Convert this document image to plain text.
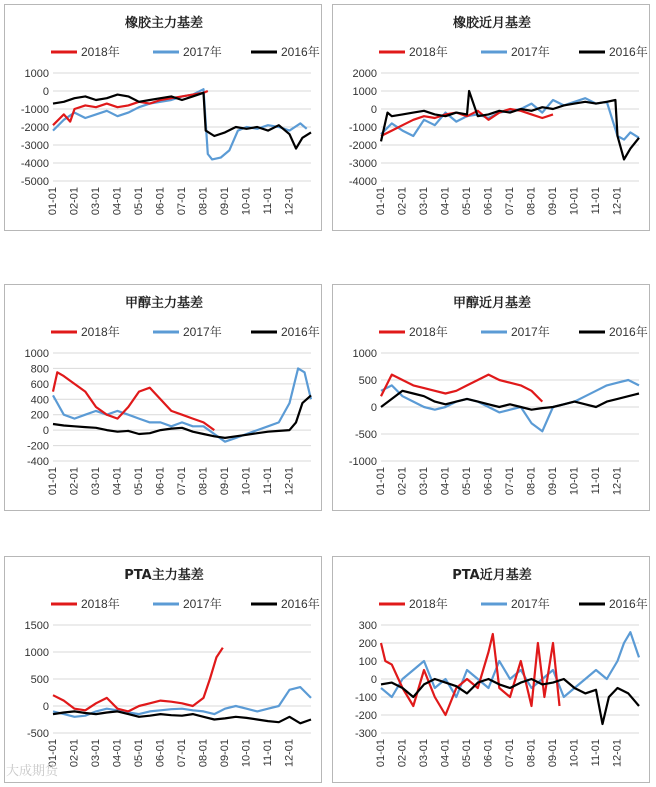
橡胶主力基差
2018年	2017年	2016年
1000
0
-1000
-2000
-3000
-4000
-5000
01-01 02-01 03-01 04-01 05-01 06-01 07-01 08-01 09-01 10-01 11-01 12-01
橡胶近月基差
2018年	2017年	2016年
2000
1000
0
-1000
-2000
-3000
-4000
01-01 02-01 03-01 04-01 05-01 06-01 07-01 08-01 09-01 10-01 11-01 12-01
甲醇主力基差
2018年	2017年	2016年
1000
800
600
400
200
0
-200
-400
01-01 02-01 03-01 04-01 05-01 06-01 07-01 08-01 09-01 10-01 11-01 12-01
甲醇近月基差
2018年	2017年	2016年
1000
500
0
-500
-1000
01-01 02-01 03-01 04-01 05-01 06-01 07-01 08-01 09-01 10-01 11-01 12-01
PTA主力基差
2018年	2017年	2016年
1500
1000
500
0
-500
01-01 02-01 03-01 04-01 05-01 06-01 07-01 08-01 09-01 10-01 11-01 12-01
PTA近月基差
2018年	2017年	2016年
300
200
100
0
-100
-200
-300
01-01 02-01 03-01 04-01 05-01 06-01 07-01 08-01 09-01 10-01 11-01 12-01
大成期货
